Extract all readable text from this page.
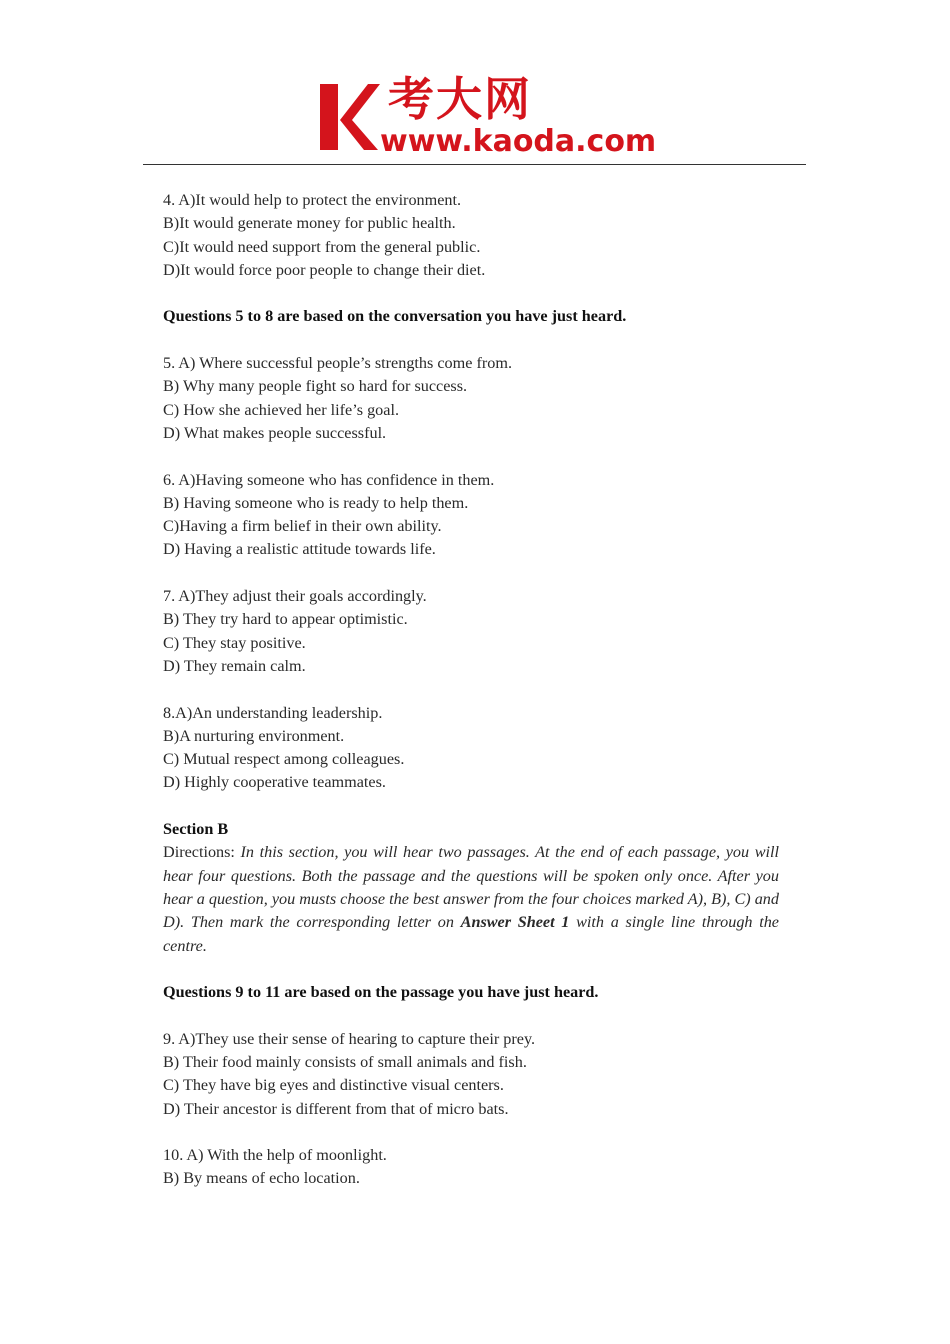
考大网
www.kaoda.com
4. A)It would help to protect the environment.
B)It would generate money for public health.
C)It would need support from the general public.
D)It would force poor people to change their diet.
Questions 5 to 8 are based on the conversation you have just heard.
5. A) Where successful people’s strengths come from.
B) Why many people fight so hard for success.
C) How she achieved her life’s goal.
D) What makes people successful.
6. A)Having someone who has confidence in them.
B) Having someone who is ready to help them.
C)Having a firm belief in their own ability.
D) Having a realistic attitude towards life.
7. A)They adjust their goals accordingly.
B) They try hard to appear optimistic.
C) They stay positive.
D) They remain calm.
8.A)An understanding leadership.
B)A nurturing environment.
C) Mutual respect among colleagues.
D) Highly cooperative teammates.
Section B
Directions: In this section, you will hear two passages. At the end of each passage, you will hear four questions. Both the passage and the questions will be spoken only once. After you hear a question, you musts choose the best answer from the four choices marked A), B), C) and D). Then mark the corresponding letter on Answer Sheet 1 with a single line through the centre.
Questions 9 to 11 are based on the passage you have just heard.
9. A)They use their sense of hearing to capture their prey.
B) Their food mainly consists of small animals and fish.
C) They have big eyes and distinctive visual centers.
D) Their ancestor is different from that of micro bats.
10. A) With the help of moonlight.
B) By means of echo location.
